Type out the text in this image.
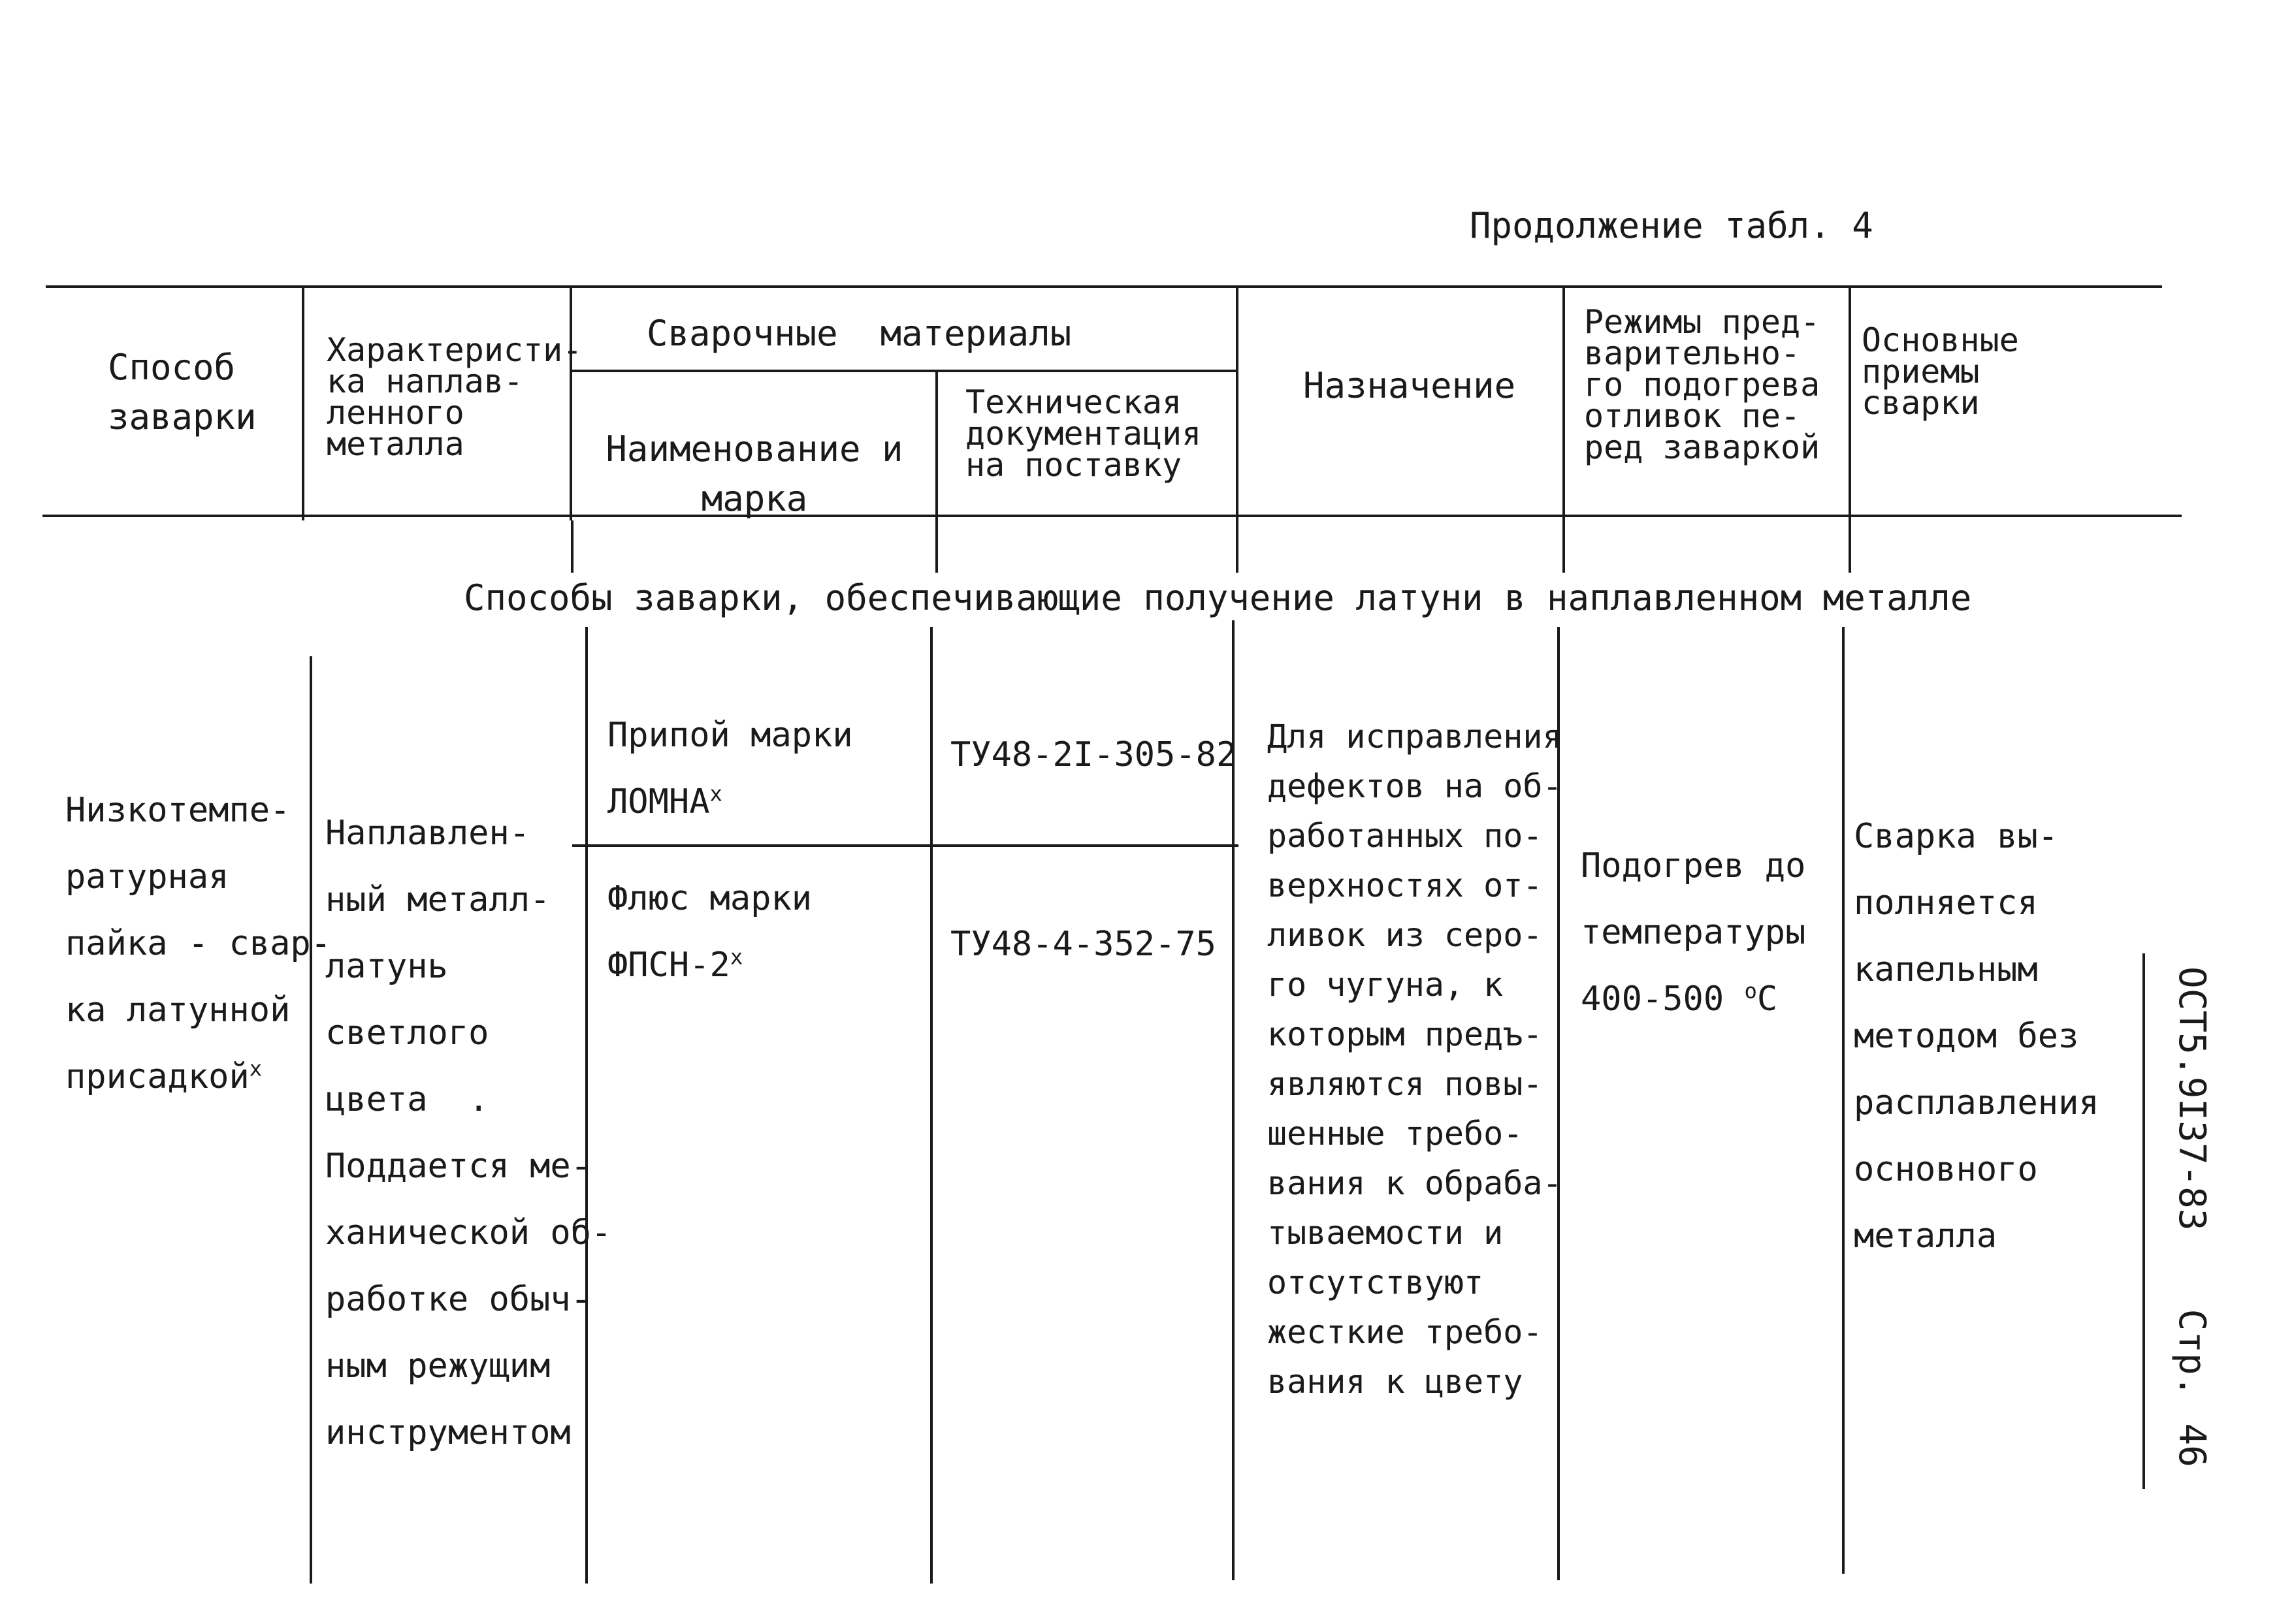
Продолжение табл. 4
Способ
заварки
Характеристи-
ка наплав-
ленного
металла
Сварочные  материалы
Наименование и
марка
Техническая
документация
на поставку
Назначение
Режимы пред-
варительно-
го подогрева
отливок пе-
ред заваркой
Основные
приемы
сварки
Способы заварки, обеспечивающие получение латуни в наплавленном металле
Низкотемпе-
ратурная
пайка - свар-
ка латунной
присадкой$^x$
Наплавлен-
ный металл-
латунь
светлого
цвета  .
Поддается ме-
ханической об-
работке обыч-
ным режущим
инструментом
Припой марки
ЛОМНА$^x$
Флюс марки
ФПСН-2$^x$
ТУ48-2I-305-82
ТУ48-4-352-75
Для исправления
дефектов на об-
работанных по-
верхностях от-
ливок из серо-
го чугуна, к
которым предъ-
являются повы-
шенные требо-
вания к обраба-
тываемости и
отсутствуют
жесткие требо-
вания к цвету
Подогрев до
температуры
400-500 $^o$C
Сварка вы-
полняется
капельным
методом без
расплавления
основного
металла
ОСТ5.9I37-83Стр.46
